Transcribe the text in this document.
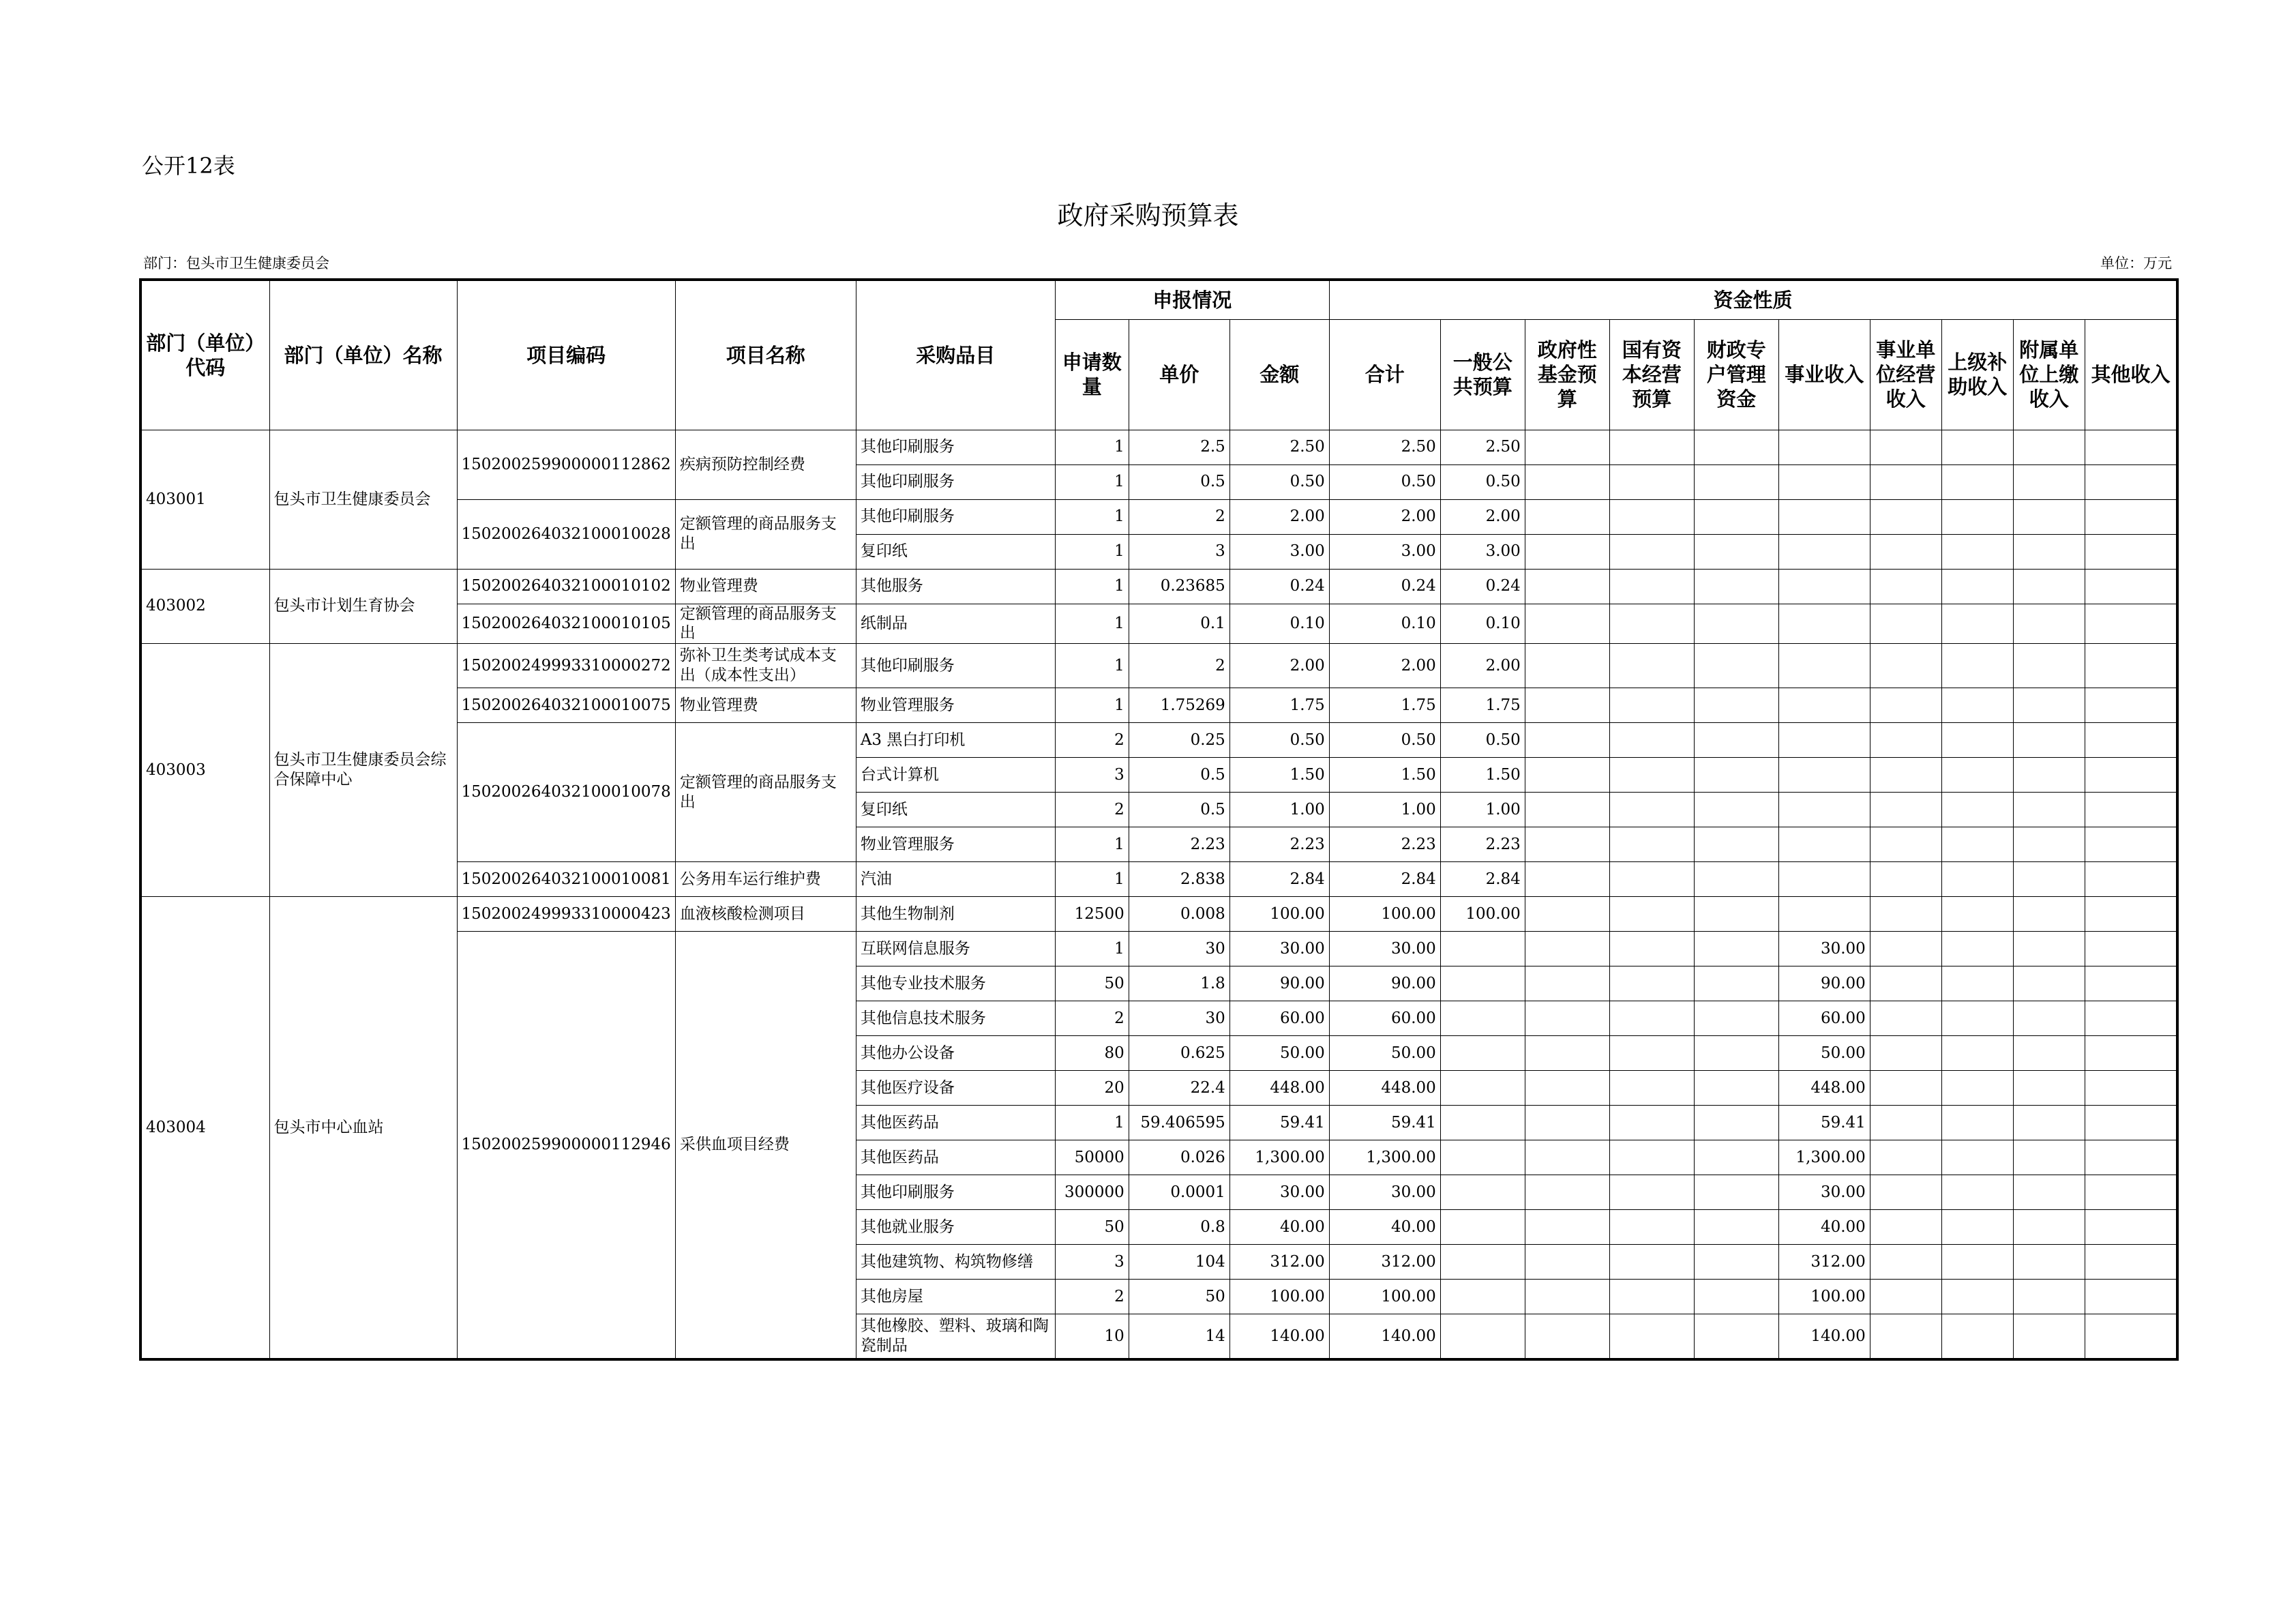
公开12表
政府采购预算表
部门：包头市卫生健康委员会	单位：万元
部门（单位）代码	部门（单位）名称	项目编码	项目名称	采购品目	申报情况			资金性质									
					申请数量	单价	金额	合计	一般公共预算	政府性基金预算	国有资本经营预算	财政专户管理资金	事业收入	事业单位经营收入	上级补助收入	附属单位上缴收入	其他收入
403001	包头市卫生健康委员会	150200259900000112862	疾病预防控制经费	其他印刷服务	1	2.5	2.50	2.50	2.50								
				其他印刷服务	1	0.5	0.50	0.50	0.50								
		150200264032100010028	定额管理的商品服务支出	其他印刷服务	1	2	2.00	2.00	2.00								
				复印纸	1	3	3.00	3.00	3.00								
403002	包头市计划生育协会	150200264032100010102	物业管理费	其他服务	1	0.23685	0.24	0.24	0.24								
		150200264032100010105	定额管理的商品服务支出	纸制品	1	0.1	0.10	0.10	0.10								
403003	包头市卫生健康委员会综合保障中心	150200249993310000272	弥补卫生类考试成本支出（成本性支出）	其他印刷服务	1	2	2.00	2.00	2.00								
		150200264032100010075	物业管理费	物业管理服务	1	1.75269	1.75	1.75	1.75								
		150200264032100010078	定额管理的商品服务支出	A3 黑白打印机	2	0.25	0.50	0.50	0.50								
				台式计算机	3	0.5	1.50	1.50	1.50								
				复印纸	2	0.5	1.00	1.00	1.00								
				物业管理服务	1	2.23	2.23	2.23	2.23								
		150200264032100010081	公务用车运行维护费	汽油	1	2.838	2.84	2.84	2.84								
403004	包头市中心血站	150200249993310000423	血液核酸检测项目	其他生物制剂	12500	0.008	100.00	100.00	100.00								
		150200259900000112946	采供血项目经费	互联网信息服务	1	30	30.00	30.00					30.00				
				其他专业技术服务	50	1.8	90.00	90.00					90.00				
				其他信息技术服务	2	30	60.00	60.00					60.00				
				其他办公设备	80	0.625	50.00	50.00					50.00				
				其他医疗设备	20	22.4	448.00	448.00					448.00				
				其他医药品	1	59.406595	59.41	59.41					59.41				
				其他医药品	50000	0.026	1,300.00	1,300.00					1,300.00				
				其他印刷服务	300000	0.0001	30.00	30.00					30.00				
				其他就业服务	50	0.8	40.00	40.00					40.00				
				其他建筑物、构筑物修缮	3	104	312.00	312.00					312.00				
				其他房屋	2	50	100.00	100.00					100.00				
				其他橡胶、塑料、玻璃和陶瓷制品	10	14	140.00	140.00					140.00				
